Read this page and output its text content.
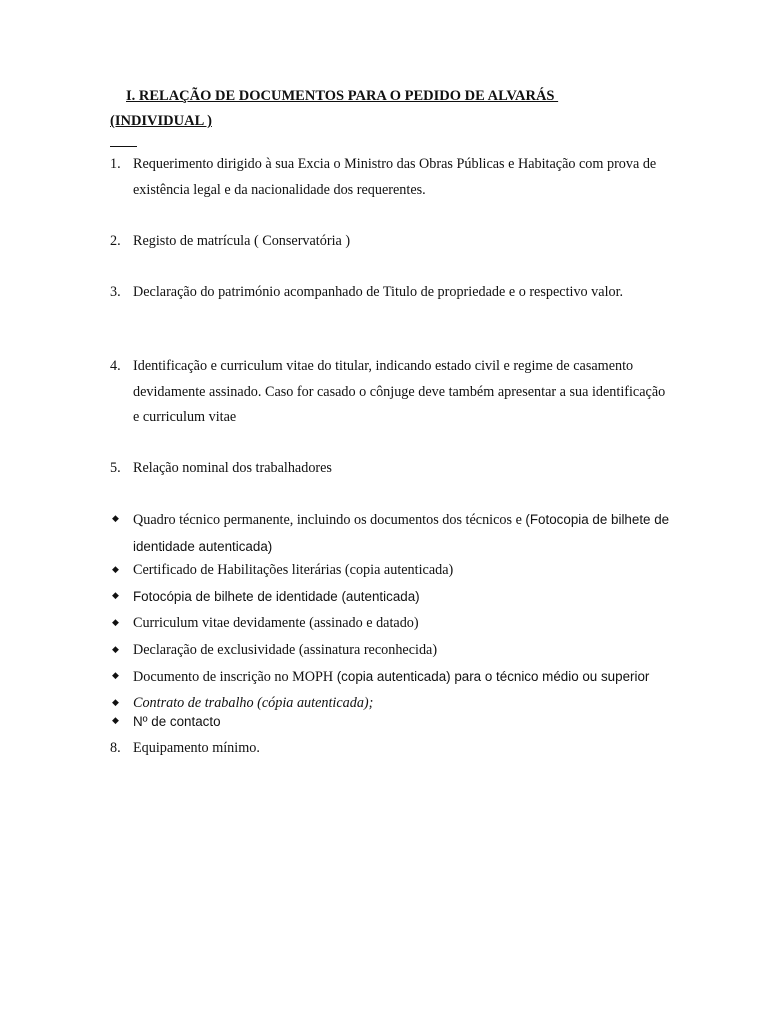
I. RELAÇÃO DE DOCUMENTOS PARA O PEDIDO DE ALVARÁS
(INDIVIDUAL )
1. Requerimento dirigido à sua Excia o Ministro das Obras Públicas e Habitação com prova de existência legal e da nacionalidade dos requerentes.
2. Registo de matrícula ( Conservatória )
3. Declaração do património acompanhado de Titulo de propriedade e o respectivo valor.
4. Identificação e curriculum vitae do titular, indicando estado civil e regime de casamento devidamente assinado. Caso for casado o cônjuge deve também apresentar a sua identificação e curriculum vitae
5. Relação nominal dos trabalhadores
◆ Quadro técnico permanente, incluindo os documentos dos técnicos e (Fotocopia de bilhete de identidade autenticada)
◆ Certificado de Habilitações literárias (copia autenticada)
◆ Fotocópia de bilhete de identidade (autenticada)
◆ Curriculum vitae devidamente (assinado e datado)
◆ Declaração de exclusividade (assinatura reconhecida)
◆ Documento de inscrição no MOPH (copia autenticada) para o técnico médio ou superior
◆ Contrato de trabalho (cópia autenticada);
◆ Nº de contacto
8. Equipamento mínimo.
